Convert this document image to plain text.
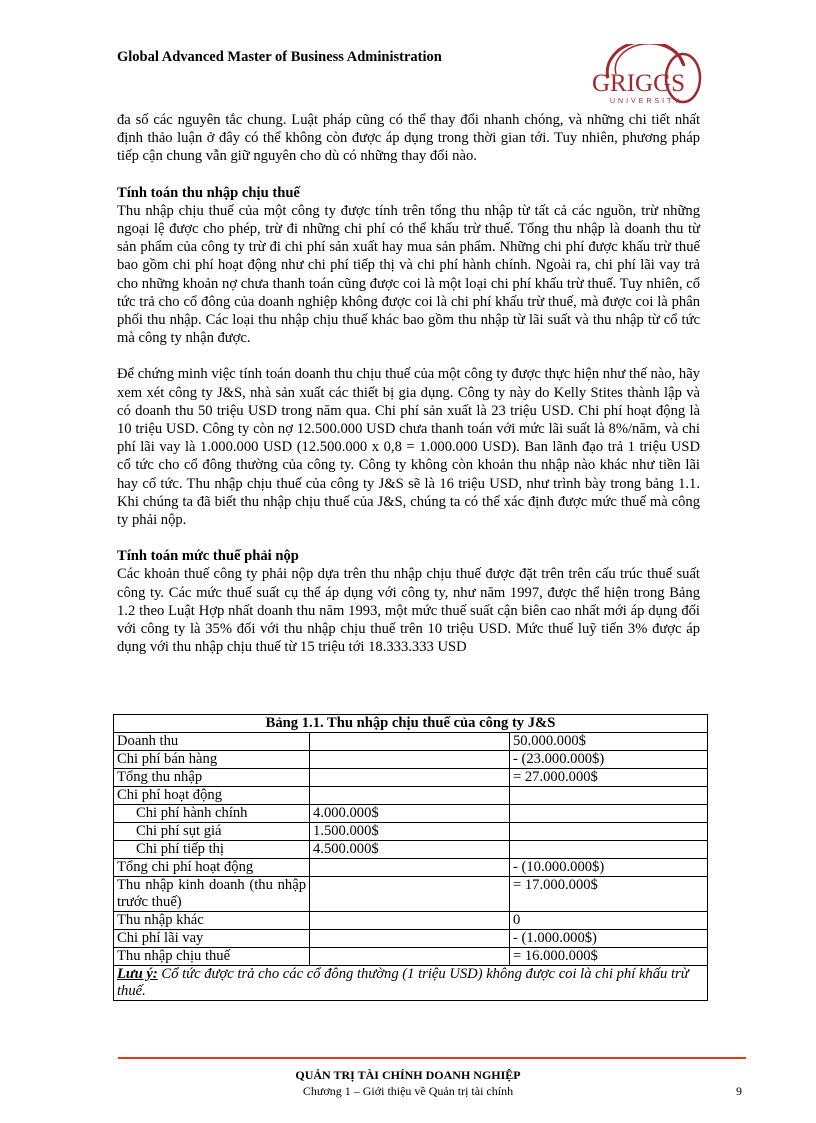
Global Advanced Master of Business Administration
GRIGGS
UNIVERSITY

đa số các nguyên tắc chung. Luật pháp cũng có thể thay đổi nhanh chóng, và những chi tiết nhất định thảo luận ở đây có thể không còn được áp dụng trong thời gian tới. Tuy nhiên, phương pháp tiếp cận chung vẫn giữ nguyên cho dù có những thay đổi nào.

Tính toán thu nhập chịu thuế

Thu nhập chịu thuế của một công ty được tính trên tổng thu nhập từ tất cả các nguồn, trừ những ngoại lệ được cho phép, trừ đi những chi phí có thể khấu trừ thuế. Tổng thu nhập là doanh thu từ sản phẩm của công ty trừ đi chi phí sản xuất hay mua sản phẩm. Những chi phí được khấu trừ thuế bao gồm chi phí hoạt động như chi phí tiếp thị và chi phí hành chính. Ngoài ra, chi phí lãi vay trả cho những khoản nợ chưa thanh toán cũng được coi là một loại chi phí khấu trừ thuế. Tuy nhiên, cổ tức trả cho cổ đông của doanh nghiệp không được coi là chi phí khấu trừ thuế, mà được coi là phân phối thu nhập. Các loại thu nhập chịu thuế khác bao gồm thu nhập từ lãi suất và thu nhập từ cổ tức mà công ty nhận được.

Để chứng minh việc tính toán doanh thu chịu thuế của một công ty được thực hiện như thế nào, hãy xem xét công ty J&S, nhà sản xuất các thiết bị gia dụng. Công ty này do Kelly Stites thành lập và có doanh thu 50 triệu USD trong năm qua. Chi phí sản xuất là 23 triệu USD. Chi phí hoạt động là 10 triệu USD. Công ty còn nợ 12.500.000 USD chưa thanh toán với mức lãi suất là 8%/năm, và chi phí lãi vay là 1.000.000 USD (12.500.000 x 0,8 = 1.000.000 USD). Ban lãnh đạo trả 1 triệu USD cổ tức cho cổ đông thường của công ty. Công ty không còn khoản thu nhập nào khác như tiền lãi hay cổ tức. Thu nhập chịu thuế của công ty J&S sẽ là 16 triệu USD, như trình bày trong bảng 1.1. Khi chúng ta đã biết thu nhập chịu thuế của J&S, chúng ta có thể xác định được mức thuế mà công ty phải nộp.

Tính toán mức thuế phải nộp

Các khoản thuế công ty phải nộp dựa trên thu nhập chịu thuế được đặt trên trên cấu trúc thuế suất công ty. Các mức thuế suất cụ thể áp dụng với công ty, như năm 1997, được thể hiện trong Bảng 1.2 theo Luật Hợp nhất doanh thu năm 1993, một mức thuế suất cận biên cao nhất mới áp dụng đối với công ty là 35% đối với thu nhập chịu thuế trên 10 triệu USD. Mức thuế luỹ tiến 3% được áp dụng với thu nhập chịu thuế từ 15 triệu tới 18.333.333 USD

Bảng 1.1. Thu nhập chịu thuế của công ty J&S		
Doanh thu		50.000.000$
Chi phí bán hàng		- (23.000.000$)
Tổng thu nhập		= 27.000.000$
Chi phí hoạt động		
Chi phí hành chính	4.000.000$	
Chi phí sụt giá	1.500.000$	
Chi phí tiếp thị	4.500.000$	
Tổng chi phí hoạt động		- (10.000.000$)
Thu nhập kinh doanh (thu nhập trước thuế)		= 17.000.000$
Thu nhập khác		0
Chi phí lãi vay		- (1.000.000$)
Thu nhập chịu thuế		= 16.000.000$
Lưu ý: Cổ tức được trả cho các cổ đông thường (1 triệu USD) không được coi là chi phí khấu trừ thuế.		
QUẢN TRỊ TÀI CHÍNH DOANH NGHIỆP
Chương 1 – Giới thiệu về Quản trị tài chính	9
